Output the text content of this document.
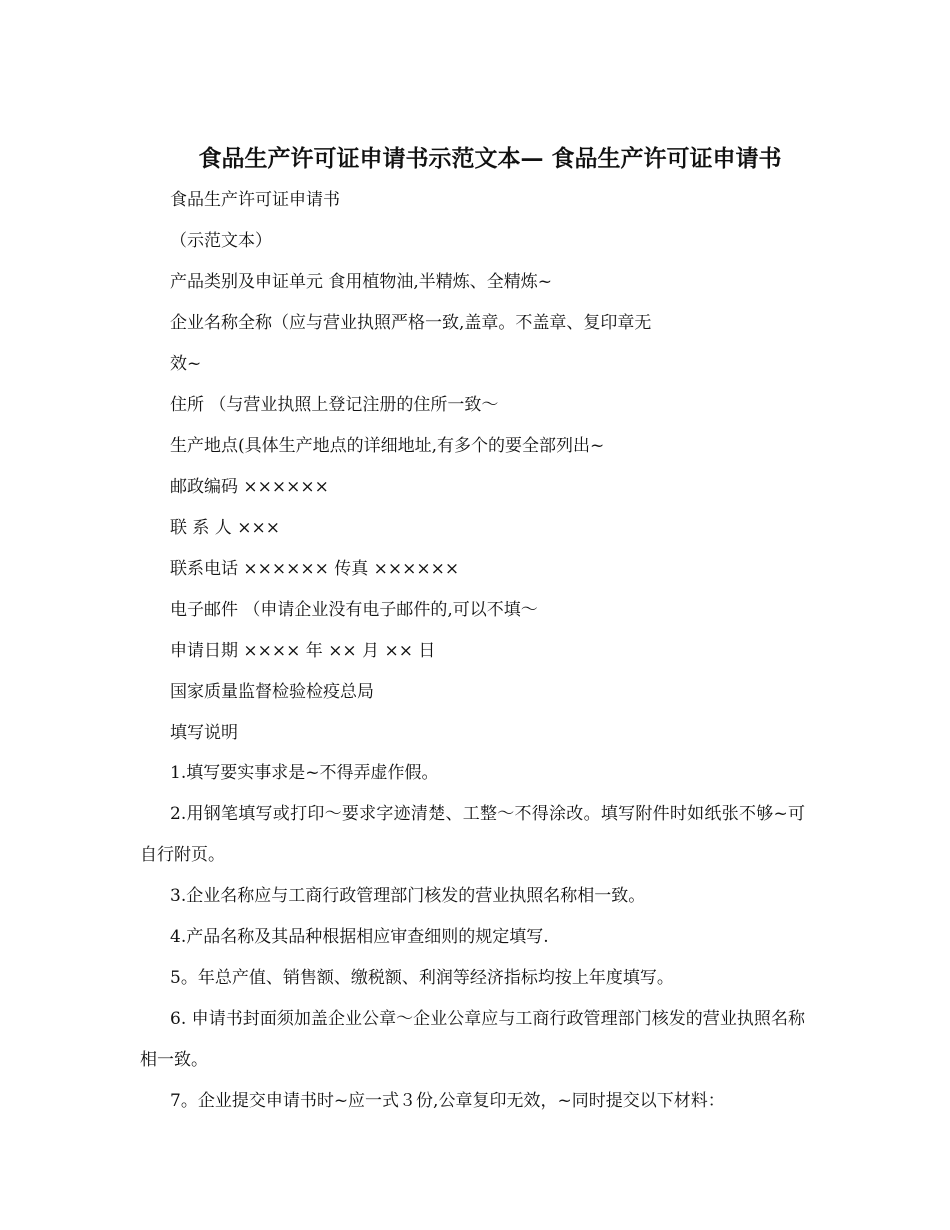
食品生产许可证申请书示范文本— 食品生产许可证申请书
食品生产许可证申请书
（示范文本）
产品类别及申证单元 食用植物油,半精炼、全精炼~
企业名称全称（应与营业执照严格一致,盖章。不盖章、复印章无
效~
住所 （与营业执照上登记注册的住所一致～
生产地点(具体生产地点的详细地址,有多个的要全部列出~
邮政编码 ××××××
联 系 人 ×××
联系电话 ×××××× 传真 ××××××
电子邮件 （申请企业没有电子邮件的,可以不填～
申请日期 ×××× 年 ×× 月 ×× 日
国家质量监督检验检疫总局
填写说明
1.填写要实事求是~不得弄虚作假。
2.用钢笔填写或打印～要求字迹清楚、工整～不得涂改。填写附件时如纸张不够~可自行附页。
3.企业名称应与工商行政管理部门核发的营业执照名称相一致。
4.产品名称及其品种根据相应审查细则的规定填写.
5。年总产值、销售额、缴税额、利润等经济指标均按上年度填写。
6. 申请书封面须加盖企业公章～企业公章应与工商行政管理部门核发的营业执照名称相一致。
7。企业提交申请书时~应一式３份,公章复印无效，~同时提交以下材料：
